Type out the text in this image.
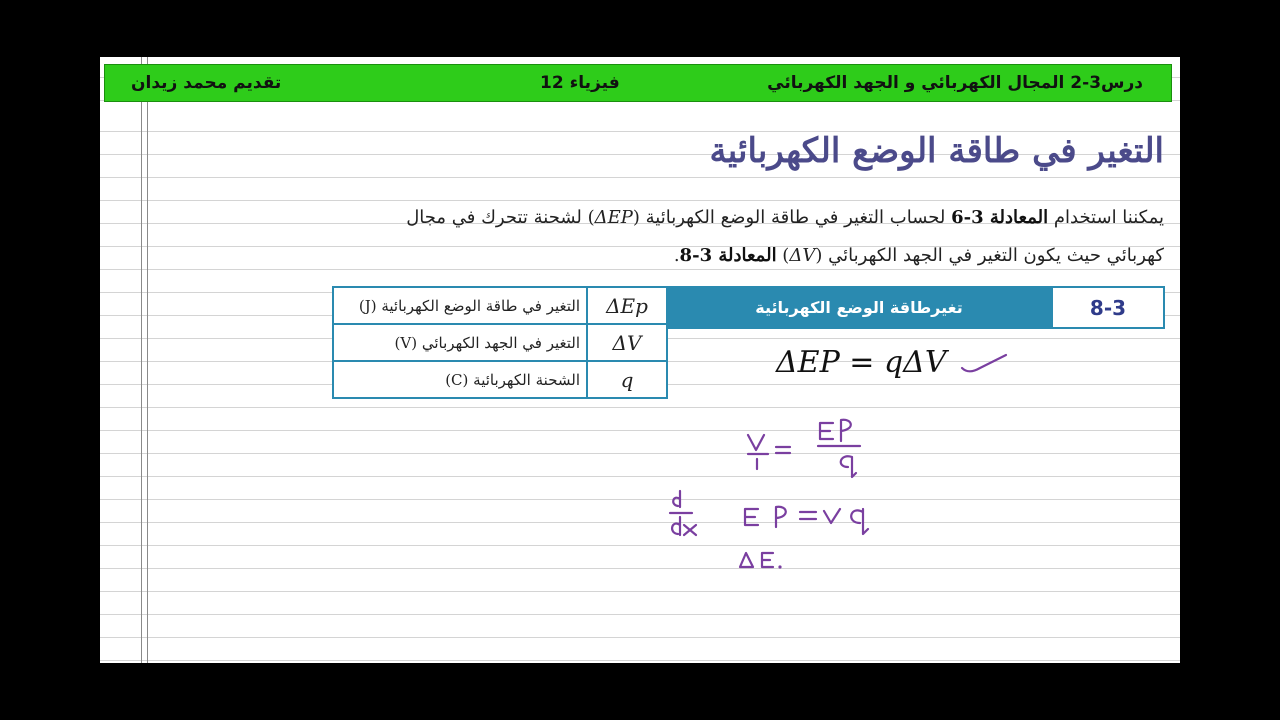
درس3-2 المجال الكهربائي و الجهد الكهربائي
فيزياء 12
تقديم محمد زيدان
التغير في طاقة الوضع الكهربائية
يمكننا استخدام المعادلة 3-6 لحساب التغير في طاقة الوضع الكهربائية (ΔEP) لشحنة تتحرك في مجال
كهربائي حيث يكون التغير في الجهد الكهربائي (ΔV) المعادلة 3-8.
تغيرطاقة الوضع الكهربائية	8-3
ΔEP = qΔV
التغير في طاقة الوضع الكهربائية (J)	ΔEp
التغير في الجهد الكهربائي (V)	ΔV
الشحنة الكهربائية (C)	q
